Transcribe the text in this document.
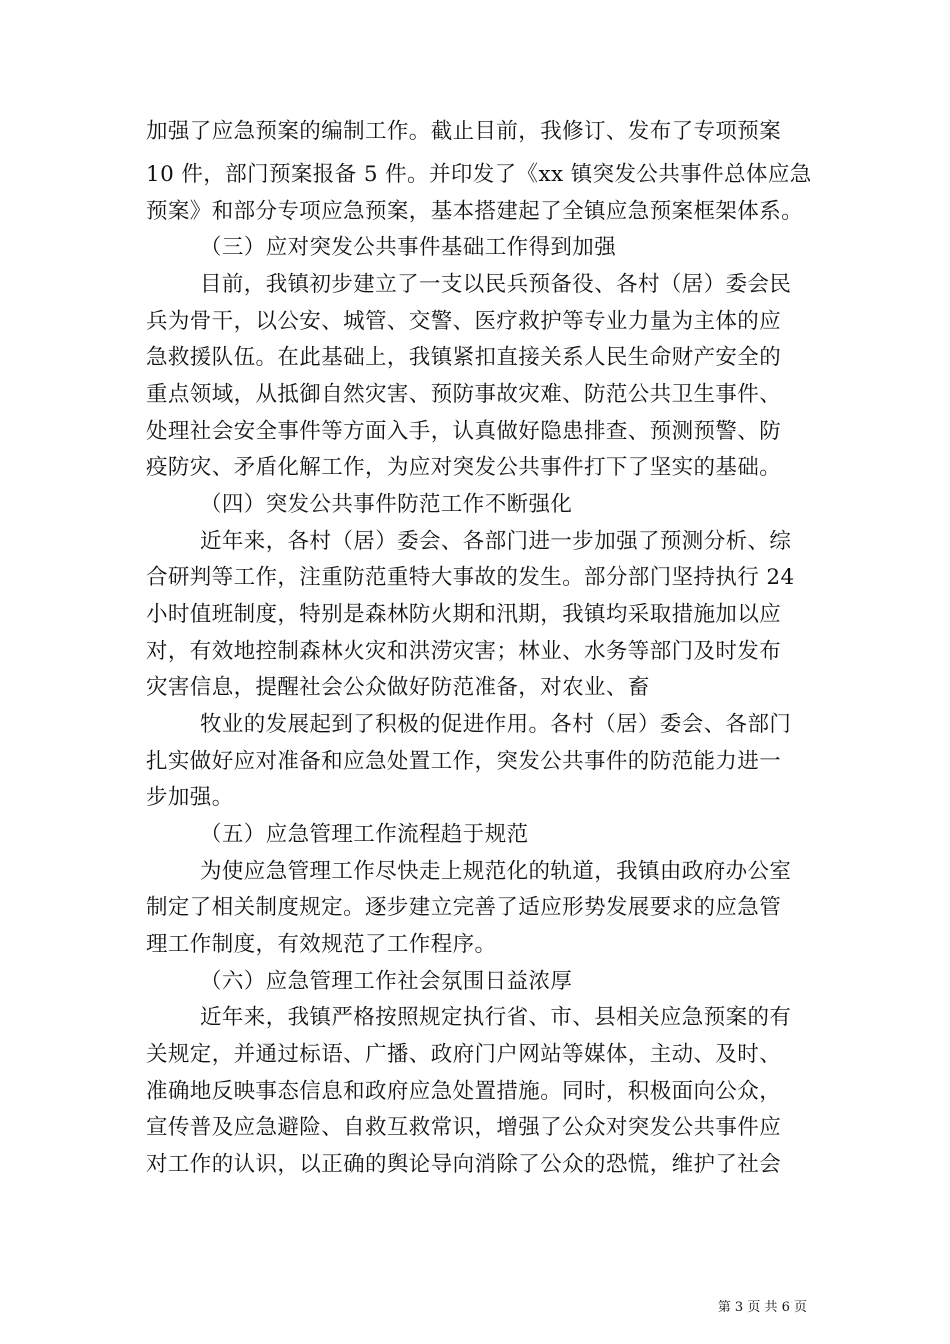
加强了应急预案的编制工作。截止目前，我修订、发布了专项预案
10 件，部门预案报备 5 件。并印发了《xx 镇突发公共事件总体应急
预案》和部分专项应急预案，基本搭建起了全镇应急预案框架体系。
（三）应对突发公共事件基础工作得到加强
目前，我镇初步建立了一支以民兵预备役、各村（居）委会民
兵为骨干，以公安、城管、交警、医疗救护等专业力量为主体的应
急救援队伍。在此基础上，我镇紧扣直接关系人民生命财产安全的
重点领域，从抵御自然灾害、预防事故灾难、防范公共卫生事件、
处理社会安全事件等方面入手，认真做好隐患排查、预测预警、防
疫防灾、矛盾化解工作，为应对突发公共事件打下了坚实的基础。
（四）突发公共事件防范工作不断强化
近年来，各村（居）委会、各部门进一步加强了预测分析、综
合研判等工作，注重防范重特大事故的发生。部分部门坚持执行 24
小时值班制度，特别是森林防火期和汛期，我镇均采取措施加以应
对，有效地控制森林火灾和洪涝灾害；林业、水务等部门及时发布
灾害信息，提醒社会公众做好防范准备，对农业、畜
牧业的发展起到了积极的促进作用。各村（居）委会、各部门
扎实做好应对准备和应急处置工作，突发公共事件的防范能力进一
步加强。
（五）应急管理工作流程趋于规范
为使应急管理工作尽快走上规范化的轨道，我镇由政府办公室
制定了相关制度规定。逐步建立完善了适应形势发展要求的应急管
理工作制度，有效规范了工作程序。
（六）应急管理工作社会氛围日益浓厚
近年来，我镇严格按照规定执行省、市、县相关应急预案的有
关规定，并通过标语、广播、政府门户网站等媒体，主动、及时、
准确地反映事态信息和政府应急处置措施。同时，积极面向公众，
宣传普及应急避险、自救互救常识，增强了公众对突发公共事件应
对工作的认识，以正确的舆论导向消除了公众的恐慌，维护了社会
第 3 页 共 6 页
